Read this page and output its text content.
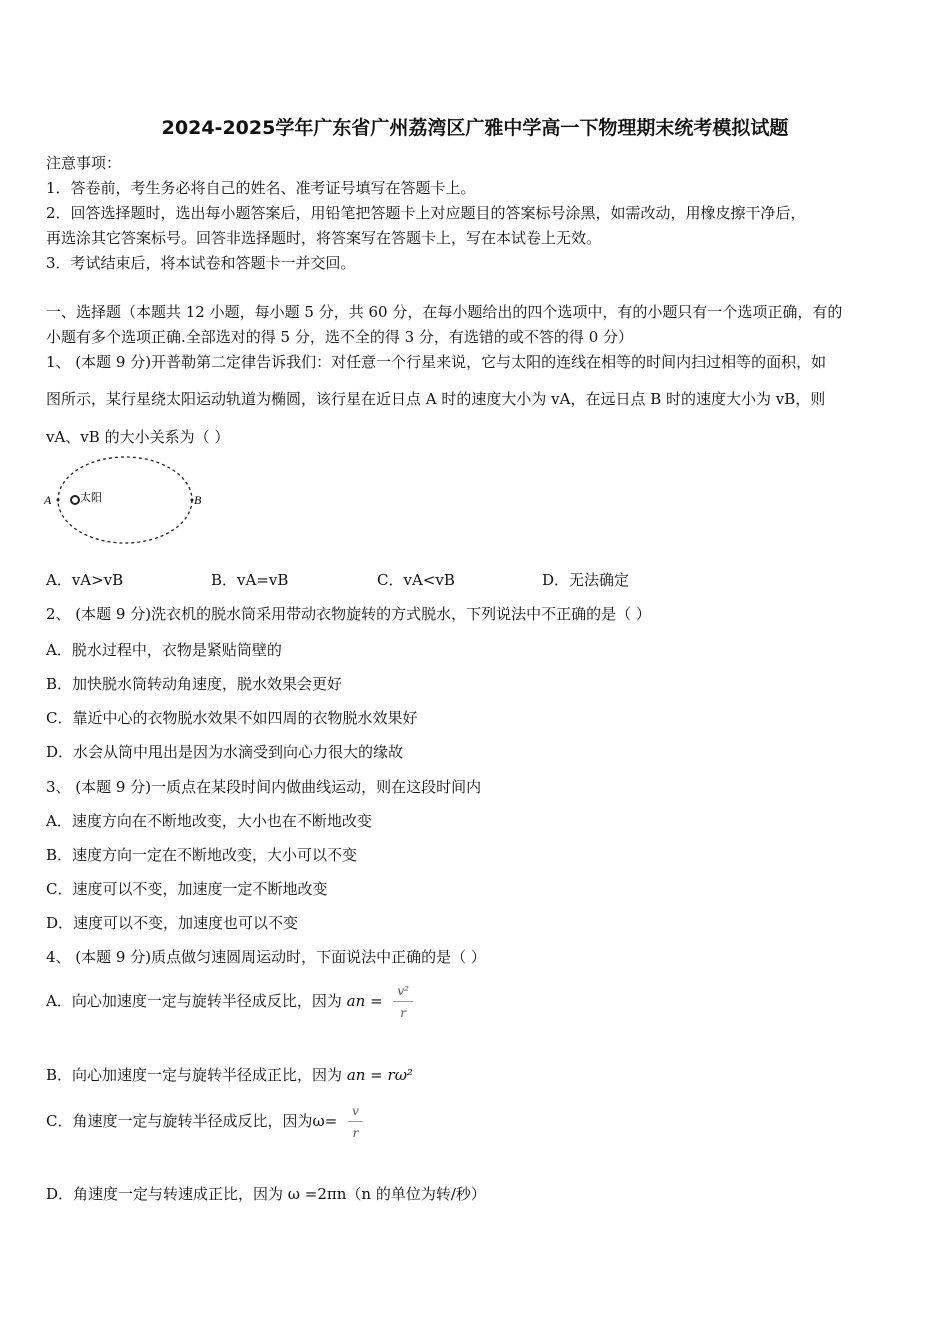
2024-2025学年广东省广州荔湾区广雅中学高一下物理期末统考模拟试题
注意事项：
1．答卷前，考生务必将自己的姓名、准考证号填写在答题卡上。
2．回答选择题时，选出每小题答案后，用铅笔把答题卡上对应题目的答案标号涂黑，如需改动，用橡皮擦干净后，
再选涂其它答案标号。回答非选择题时，将答案写在答题卡上，写在本试卷上无效。
3．考试结束后，将本试卷和答题卡一并交回。
一、选择题（本题共 12 小题，每小题 5 分，共 60 分，在每小题给出的四个选项中，有的小题只有一个选项正确，有的
小题有多个选项正确.全部选对的得 5 分，选不全的得 3 分，有选错的或不答的得 0 分）
1、 (本题 9 分)开普勒第二定律告诉我们：对任意一个行星来说，它与太阳的连线在相等的时间内扫过相等的面积，如
图所示，某行星绕太阳运动轨道为椭圆，该行星在近日点 A 时的速度大小为 vA，在远日点 B 时的速度大小为 vB，则
vA、vB 的大小关系为（ ）
A	太阳	B
A．vA>vB	B．vA=vB	C．vA<vB	D．无法确定
2、 (本题 9 分)洗衣机的脱水筒采用带动衣物旋转的方式脱水，下列说法中不正确的是（ ）
A．脱水过程中，衣物是紧贴筒壁的
B．加快脱水筒转动角速度，脱水效果会更好
C．靠近中心的衣物脱水效果不如四周的衣物脱水效果好
D．水会从筒中甩出是因为水滴受到向心力很大的缘故
3、 (本题 9 分)一质点在某段时间内做曲线运动，则在这段时间内
A．速度方向在不断地改变，大小也在不断地改变
B．速度方向一定在不断地改变，大小可以不变
C．速度可以不变，加速度一定不断地改变
D．速度可以不变，加速度也可以不变
4、 (本题 9 分)质点做匀速圆周运动时，下面说法中正确的是（ ）
A．向心加速度一定与旋转半径成反比，因为 an = $\frac{\text{v²}}{r}$
B．向心加速度一定与旋转半径成正比，因为 an = rω²
C．角速度一定与旋转半径成反比，因为$\omega= \frac{v}{r}$
D．角速度一定与转速成正比，因为 ω =2πn（n 的单位为转/秒）
